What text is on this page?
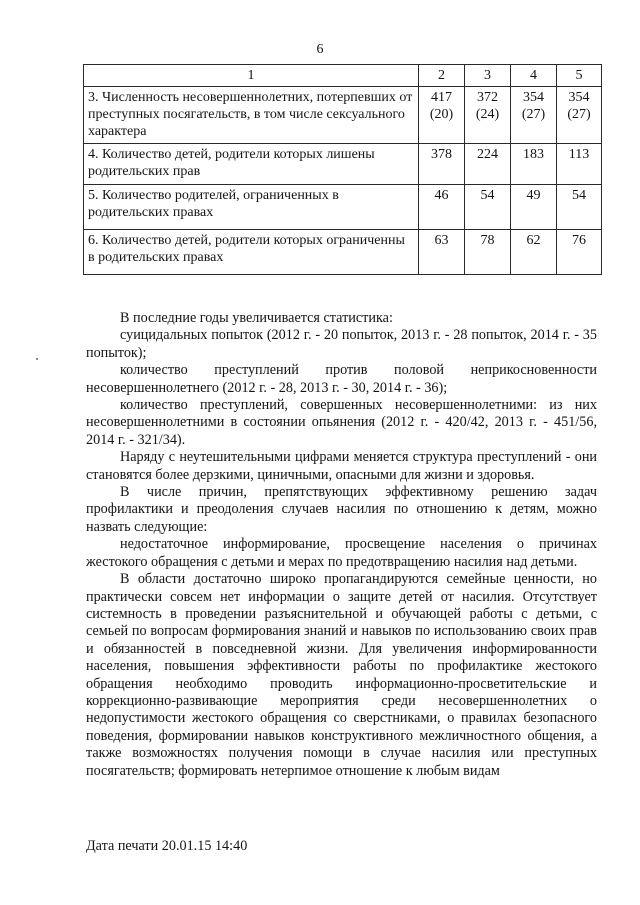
6
1	2	3	4	5
3. Численность несовершеннолетних, потерпевших от преступных посягательств, в том числе сексуального характера	417 (20)	372 (24)	354 (27)	354 (27)
4. Количество детей, родители которых лишены родительских прав	378	224	183	113
5. Количество родителей, ограниченных в родительских правах	46	54	49	54
6. Количество детей, родители которых ограниченны в родительских правах	63	78	62	76

В последние годы увеличивается статистика:

суицидальных попыток (2012 г. - 20 попыток, 2013 г. - 28 попыток, 2014 г. - 35 попыток);

количество преступлений против половой неприкосновенности несовершеннолетнего (2012 г. - 28, 2013 г. - 30, 2014 г. - 36);

количество преступлений, совершенных несовершеннолетними: из них несовершеннолетними в состоянии опьянения (2012 г. - 420/42, 2013 г. - 451/56, 2014 г. - 321/34).

Наряду с неутешительными цифрами меняется структура преступлений - они становятся более дерзкими, циничными, опасными для жизни и здоровья.

В числе причин, препятствующих эффективному решению задач профилактики и преодоления случаев насилия по отношению к детям, можно назвать следующие:

недостаточное информирование, просвещение населения о причинах жестокого обращения с детьми и мерах по предотвращению насилия над детьми.

В области достаточно широко пропагандируются семейные ценности, но практически совсем нет информации о защите детей от насилия. Отсутствует системность в проведении разъяснительной и обучающей работы с детьми, с семьей по вопросам формирования знаний и навыков по использованию своих прав и обязанностей в повседневной жизни. Для увеличения информированности населения, повышения эффективности работы по профилактике жестокого обращения необходимо проводить информационно-просветительские и коррекционно-развивающие мероприятия среди несовершеннолетних о недопустимости жестокого обращения со сверстниками, о правилах безопасного поведения, формировании навыков конструктивного межличностного общения, а также возможностях получения помощи в случае насилия или преступных посягательств; формировать нетерпимое отношение к любым видам

Дата печати 20.01.15 14:40
